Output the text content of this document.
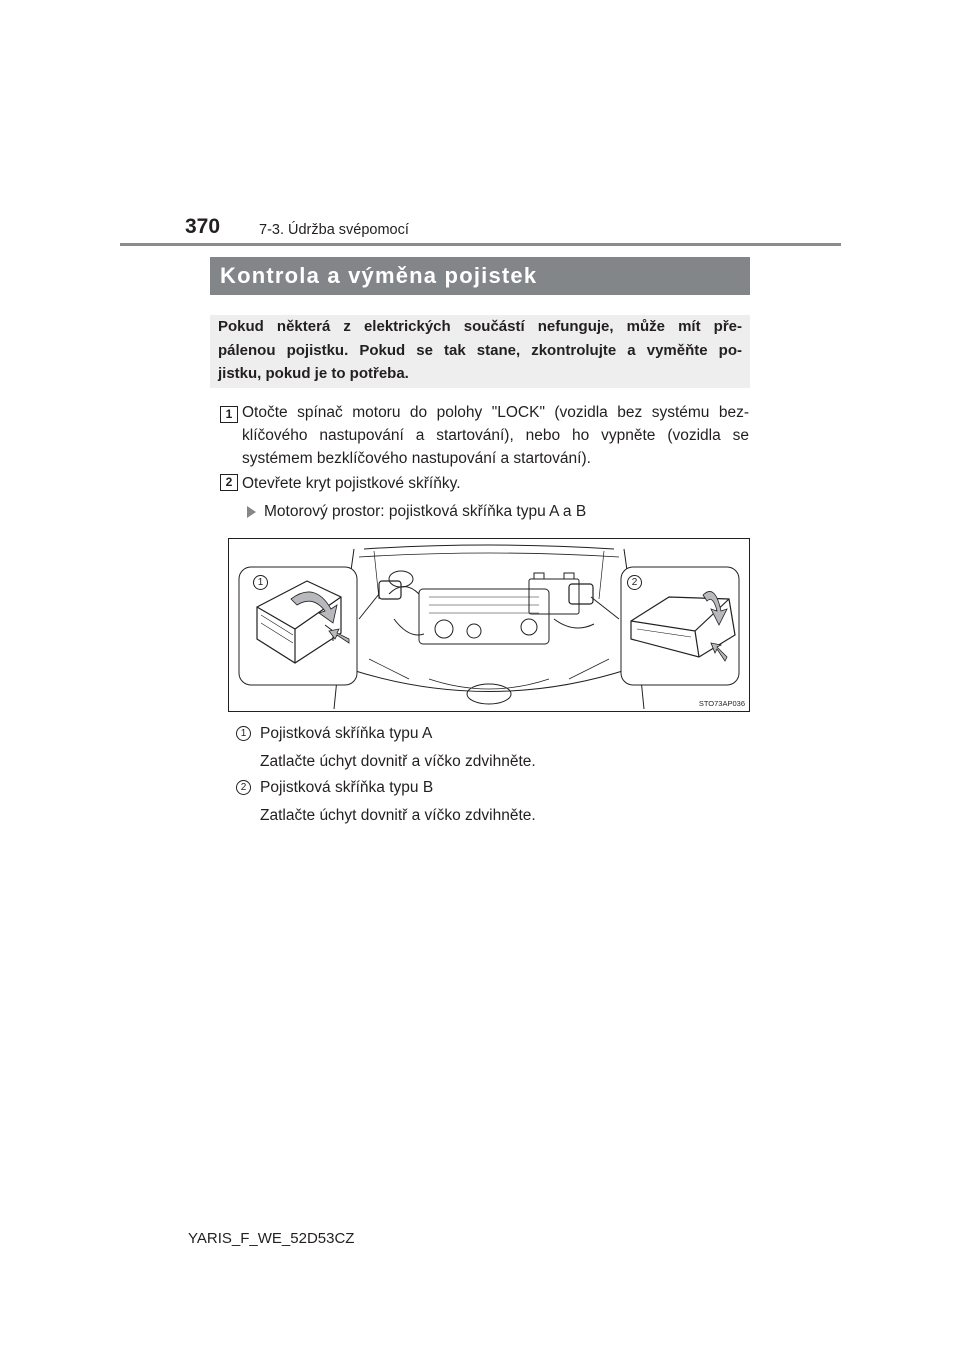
370	7-3. Údržba svépomocí
Kontrola a výměna pojistek
Pokud některá z elektrických součástí nefunguje, může mít pře-
pálenou pojistku. Pokud se tak stane, zkontrolujte a vyměňte po-
jistku, pokud je to potřeba.
1 Otočte spínač motoru do polohy "LOCK" (vozidla bez systému bez-
klíčového nastupování a startování), nebo ho vypněte (vozidla se
systémem bezklíčového nastupování a startování).
2 Otevřete kryt pojistkové skříňky.
Motorový prostor: pojistková skříňka typu A a B
1	2
STO73AP036
1 Pojistková skříňka typu A
Zatlačte úchyt dovnitř a víčko zdvihněte.
2 Pojistková skříňka typu B
Zatlačte úchyt dovnitř a víčko zdvihněte.
YARIS_F_WE_52D53CZ
